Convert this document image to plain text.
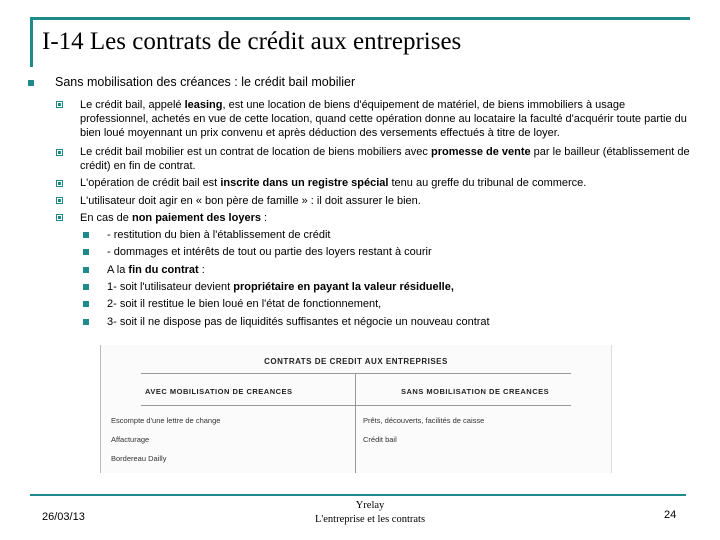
I-14 Les contrats de crédit aux entreprises
Sans mobilisation des créances : le crédit bail mobilier
Le crédit bail, appelé leasing, est une location de biens d'équipement de matériel, de biens immobiliers à usage professionnel, achetés en vue de cette location, quand cette opération donne au locataire la faculté d'acquérir toute partie du bien loué moyennant un prix convenu et après déduction des versements effectués à titre de loyer.
Le crédit bail mobilier est un contrat de location de biens mobiliers avec promesse de vente par le bailleur (établissement de crédit) en fin de contrat.
L'opération de crédit bail est inscrite dans un registre spécial tenu au greffe du tribunal de commerce.
L'utilisateur doit agir en « bon père de famille » : il doit assurer le bien.
En cas de non paiement des loyers :
- restitution du bien à l'établissement de crédit
- dommages et intérêts de tout ou partie des loyers restant à courir
A la fin du contrat :
1- soit l'utilisateur devient propriétaire en payant la valeur résiduelle,
2- soit il restitue le bien loué en l'état de fonctionnement,
3- soit il ne dispose pas de liquidités suffisantes et négocie un nouveau contrat
CONTRATS DE CREDIT AUX ENTREPRISES
AVEC MOBILISATION DE CREANCES	SANS MOBILISATION DE CREANCES
Escompte d'une lettre de change
Affacturage
Bordereau Dailly
Prêts, découverts, facilités de caisse
Crédit bail
26/03/13
Yrelay
L'entreprise et les contrats	24
